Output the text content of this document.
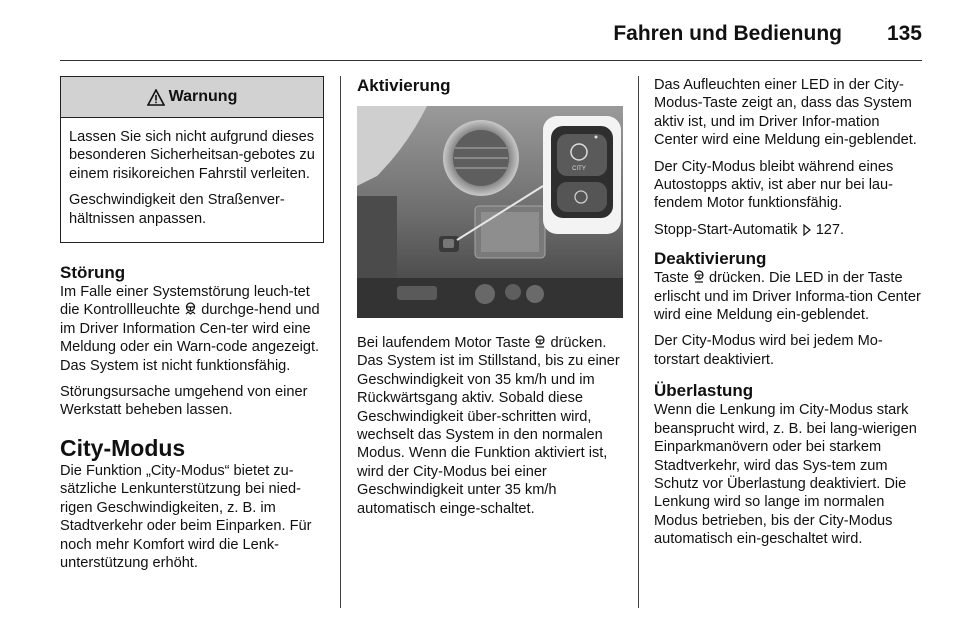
Fahren und Bedienung 135
Warnung

Lassen Sie sich nicht aufgrund dieses besonderen Sicherheitsan-gebotes zu einem risikoreichen Fahrstil verleiten.

Geschwindigkeit den Straßenver-hältnissen anpassen.

Störung

Im Falle einer Systemstörung leuch-tet die Kontrollleuchte  durchge-hend und im Driver Information Cen-ter wird eine Meldung oder ein Warn-code angezeigt. Das System ist nicht funktionsfähig.

Störungsursache umgehend von einer Werkstatt beheben lassen.

City-Modus

Die Funktion „City-Modus“ bietet zu-sätzliche Lenkunterstützung bei nied-rigen Geschwindigkeiten, z. B. im Stadtverkehr oder beim Einparken. Für noch mehr Komfort wird die Lenk-unterstützung erhöht.

Aktivierung
CITY

Bei laufendem Motor Taste  drücken. Das System ist im Stillstand, bis zu einer Geschwindigkeit von 35 km/h und im Rückwärtsgang aktiv. Sobald diese Geschwindigkeit über-schritten wird, wechselt das System in den normalen Modus. Wenn die Funktion aktiviert ist, wird der City-Modus bei einer Geschwindigkeit unter 35 km/h automatisch einge-schaltet.

Das Aufleuchten einer LED in der City-Modus-Taste zeigt an, dass das System aktiv ist, und im Driver Infor-mation Center wird eine Meldung ein-geblendet.

Der City-Modus bleibt während eines Autostopps aktiv, ist aber nur bei lau-fendem Motor funktionsfähig.

Stopp-Start-Automatik  127.

Deaktivierung

Taste  drücken. Die LED in der Taste erlischt und im Driver Informa-tion Center wird eine Meldung ein-geblendet.

Der City-Modus wird bei jedem Mo-torstart deaktiviert.

Überlastung

Wenn die Lenkung im City-Modus stark beansprucht wird, z. B. bei lang-wierigen Einparkmanövern oder bei starkem Stadtverkehr, wird das Sys-tem zum Schutz vor Überlastung deaktiviert. Die Lenkung wird so lange im normalen Modus betrieben, bis der City-Modus automatisch ein-geschaltet wird.
